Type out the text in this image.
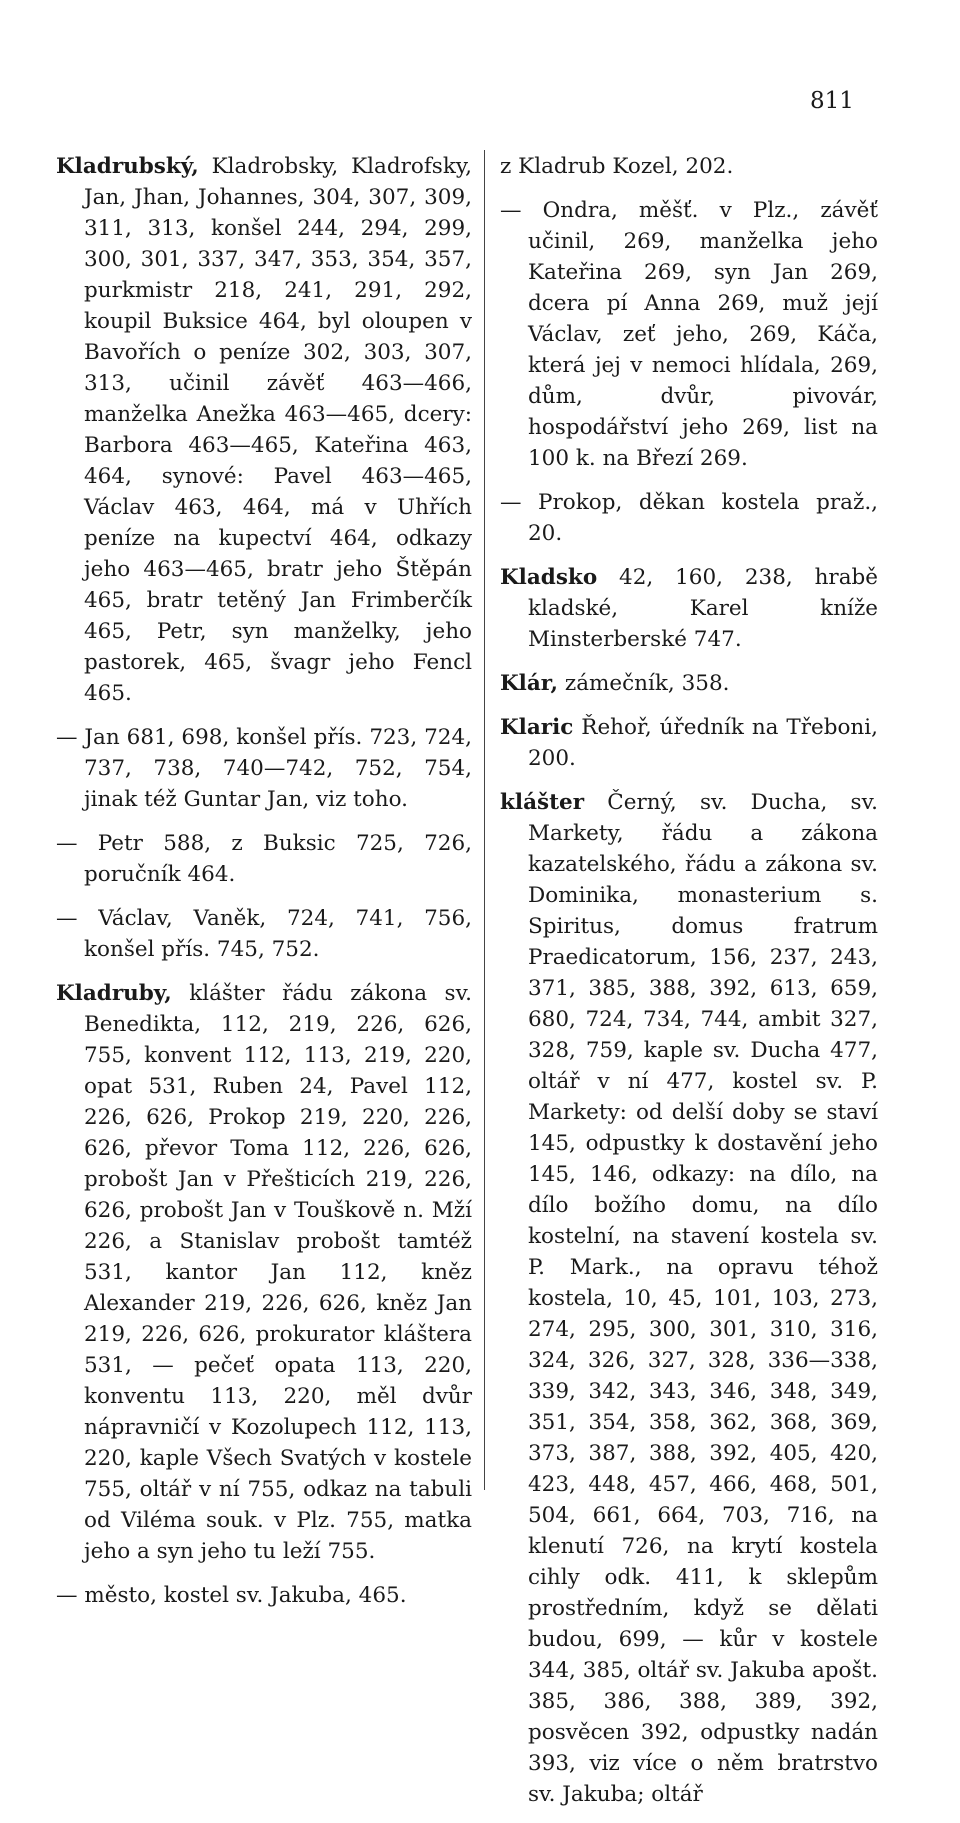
811

Kladrubský, Kladrobsky, Kladrofsky, Jan, Jhan, Johannes, 304, 307, 309, 311, 313, konšel 244, 294, 299, 300, 301, 337, 347, 353, 354, 357, purkmistr 218, 241, 291, 292, koupil Buksice 464, byl oloupen v Bavořích o peníze 302, 303, 307, 313, učinil závěť 463—466, manželka Anežka 463—465, dcery: Barbora 463—465, Kateřina 463, 464, synové: Pavel 463—465, Václav 463, 464, má v Uhřích peníze na kupectví 464, odkazy jeho 463—465, bratr jeho Štěpán 465, bratr tetěný Jan Frimberčík 465, Petr, syn manželky, jeho pastorek, 465, švagr jeho Fencl 465.

— Jan 681, 698, konšel přís. 723, 724, 737, 738, 740—742, 752, 754, jinak též Guntar Jan, viz toho.

— Petr 588, z Buksic 725, 726, poručník 464.

— Václav, Vaněk, 724, 741, 756, konšel přís. 745, 752.

Kladruby, klášter řádu zákona sv. Benedikta, 112, 219, 226, 626, 755, konvent 112, 113, 219, 220, opat 531, Ruben 24, Pavel 112, 226, 626, Prokop 219, 220, 226, 626, převor Toma 112, 226, 626, probošt Jan v Přešticích 219, 226, 626, probošt Jan v Touškově n. Mží 226, a Stanislav probošt tamtéž 531, kantor Jan 112, kněz Alexander 219, 226, 626, kněz Jan 219, 226, 626, prokurator kláštera 531, — pečeť opata 113, 220, konventu 113, 220, měl dvůr nápravničí v Kozolupech 112, 113, 220, kaple Všech Svatých v kostele 755, oltář v ní 755, odkaz na tabuli od Viléma souk. v Plz. 755, matka jeho a syn jeho tu leží 755.

— město, kostel sv. Jakuba, 465.

z Kladrub Kozel, 202.

— Ondra, měšť. v Plz., závěť učinil, 269, manželka jeho Kateřina 269, syn Jan 269, dcera pí Anna 269, muž její Václav, zeť jeho, 269, Káča, která jej v nemoci hlídala, 269, dům, dvůr, pivovár, hospodářství jeho 269, list na 100 k. na Březí 269.

— Prokop, děkan kostela praž., 20.

Kladsko 42, 160, 238, hrabě kladské, Karel kníže Minsterberské 747.

Klár, zámečník, 358.

Klaric Řehoř, úředník na Třeboni, 200.

klášter Černý, sv. Ducha, sv. Markety, řádu a zákona kazatelského, řádu a zákona sv. Dominika, monasterium s. Spiritus, domus fratrum Praedicatorum, 156, 237, 243, 371, 385, 388, 392, 613, 659, 680, 724, 734, 744, ambit 327, 328, 759, kaple sv. Ducha 477, oltář v ní 477, kostel sv. P. Markety: od delší doby se staví 145, odpustky k dostavění jeho 145, 146, odkazy: na dílo, na dílo božího domu, na dílo kostelní, na stavení kostela sv. P. Mark., na opravu téhož kostela, 10, 45, 101, 103, 273, 274, 295, 300, 301, 310, 316, 324, 326, 327, 328, 336—338, 339, 342, 343, 346, 348, 349, 351, 354, 358, 362, 368, 369, 373, 387, 388, 392, 405, 420, 423, 448, 457, 466, 468, 501, 504, 661, 664, 703, 716, na klenutí 726, na krytí kostela cihly odk. 411, k sklepům prostředním, když se dělati budou, 699, — kůr v kostele 344, 385, oltář sv. Jakuba apošt. 385, 386, 388, 389, 392, posvěcen 392, odpustky nadán 393, viz více o něm bratrstvo sv. Jakuba; oltář
